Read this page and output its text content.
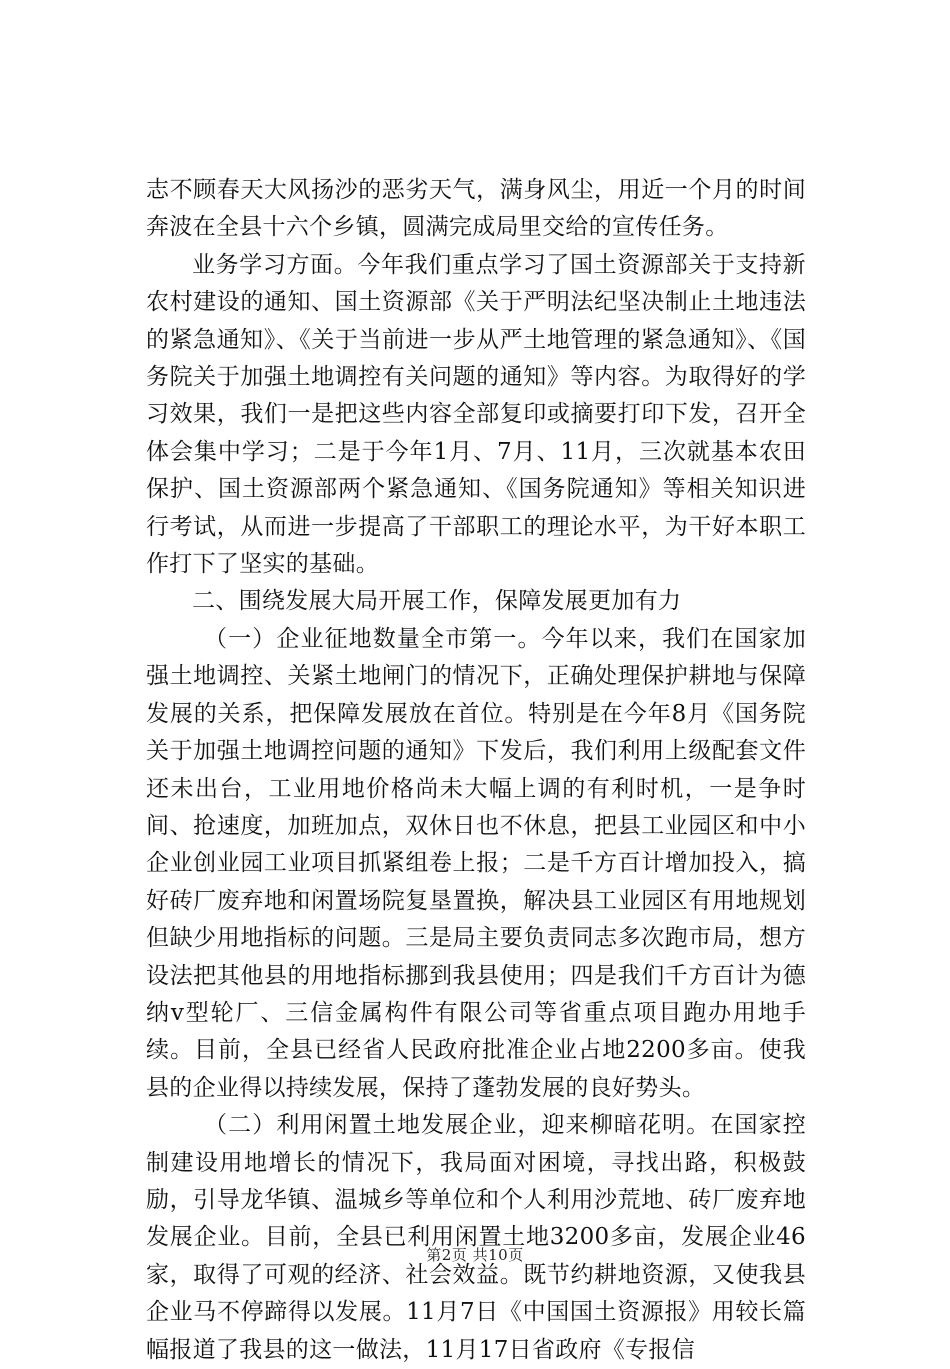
志不顾春天大风扬沙的恶劣天气，满身风尘，用近一个月的时间奔波在全县十六个乡镇，圆满完成局里交给的宣传任务。

业务学习方面。今年我们重点学习了国土资源部关于支持新农村建设的通知、国土资源部《关于严明法纪坚决制止土地违法的紧急通知》、《关于当前进一步从严土地管理的紧急通知》、《国务院关于加强土地调控有关问题的通知》等内容。为取得好的学习效果，我们一是把这些内容全部复印或摘要打印下发，召开全体会集中学习；二是于今年1月、7月、11月，三次就基本农田保护、国土资源部两个紧急通知、《国务院通知》等相关知识进行考试，从而进一步提高了干部职工的理论水平，为干好本职工作打下了坚实的基础。

二、围绕发展大局开展工作，保障发展更加有力

（一）企业征地数量全市第一。今年以来，我们在国家加强土地调控、关紧土地闸门的情况下，正确处理保护耕地与保障发展的关系，把保障发展放在首位。特别是在今年8月《国务院关于加强土地调控问题的通知》下发后，我们利用上级配套文件还未出台，工业用地价格尚未大幅上调的有利时机，一是争时间、抢速度，加班加点，双休日也不休息，把县工业园区和中小企业创业园工业项目抓紧组卷上报；二是千方百计增加投入，搞好砖厂废弃地和闲置场院复垦置换，解决县工业园区有用地规划但缺少用地指标的问题。三是局主要负责同志多次跑市局，想方设法把其他县的用地指标挪到我县使用；四是我们千方百计为德纳v型轮厂、三信金属构件有限公司等省重点项目跑办用地手续。目前，全县已经省人民政府批准企业占地2200多亩。使我县的企业得以持续发展，保持了蓬勃发展的良好势头。

（二）利用闲置土地发展企业，迎来柳暗花明。在国家控制建设用地增长的情况下，我局面对困境，寻找出路，积极鼓励，引导龙华镇、温城乡等单位和个人利用沙荒地、砖厂废弃地发展企业。目前，全县已利用闲置土地3200多亩，发展企业46家，取得了可观的经济、社会效益。既节约耕地资源，又使我县企业马不停蹄得以发展。11月7日《中国国土资源报》用较长篇幅报道了我县的这一做法，11月17日省政府《专报信

第2页 共10页
